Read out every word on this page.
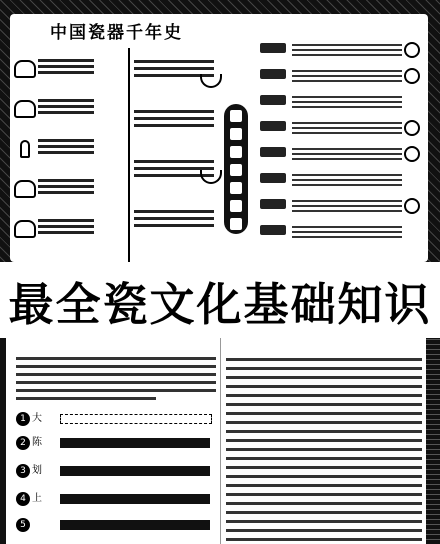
中国瓷器千年史
最全瓷文化基础知识
1 大
2 陈
3 划
4 上
5
